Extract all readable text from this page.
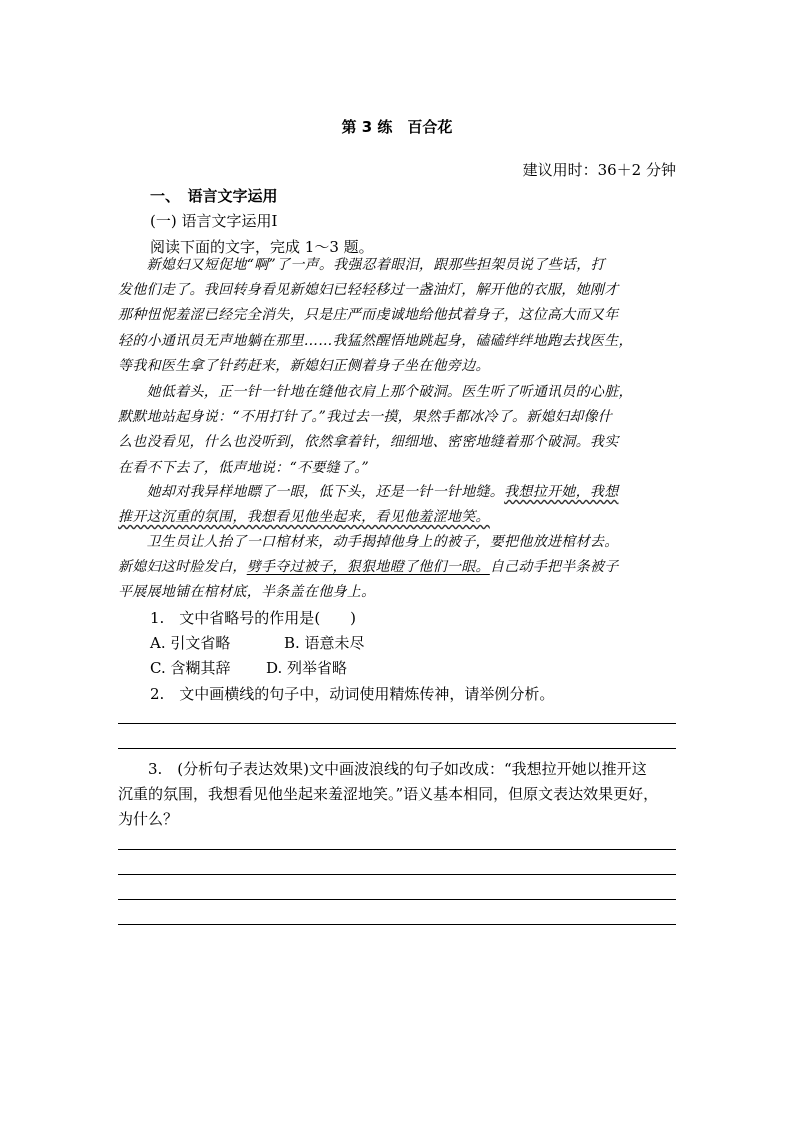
第 3 练　百合花
建议用时：36＋2 分钟
一、　语言文字运用
(一) 语言文字运用Ⅰ
阅读下面的文字，完成 1～3 题。
　　新媳妇又短促地“啊”了一声。我强忍着眼泪，跟那些担架员说了些话，打
发他们走了。我回转身看见新媳妇已轻轻移过一盏油灯，解开他的衣服，她刚才
那种忸怩羞涩已经完全消失，只是庄严而虔诚地给他拭着身子，这位高大而又年
轻的小通讯员无声地躺在那里……我猛然醒悟地跳起身，磕磕绊绊地跑去找医生，
等我和医生拿了针药赶来，新媳妇正侧着身子坐在他旁边。
　　她低着头，正一针一针地在缝他衣肩上那个破洞。医生听了听通讯员的心脏，
默默地站起身说：“不用打针了。”我过去一摸，果然手都冰冷了。新媳妇却像什
么也没看见，什么也没听到，依然拿着针，细细地、密密地缝着那个破洞。我实
在看不下去了，低声地说：“不要缝了。”
　　她却对我异样地瞟了一眼，低下头，还是一针一针地缝。我想拉开她，我想
推开这沉重的氛围，我想看见他坐起来，看见他羞涩地笑。
　　卫生员让人抬了一口棺材来，动手揭掉他身上的被子，要把他放进棺材去。
新媳妇这时脸发白，劈手夺过被子，狠狠地瞪了他们一眼。自己动手把半条被子
平展展地铺在棺材底，半条盖在他身上。
1.　文中省略号的作用是(　　)
A. 引文省略	B. 语意未尽
C. 含糊其辞 D. 列举省略
2.　文中画横线的句子中，动词使用精炼传神，请举例分析。
　　3.　(分析句子表达效果)文中画波浪线的句子如改成：“我想拉开她以推开这
沉重的氛围，我想看见他坐起来羞涩地笑。”语义基本相同，但原文表达效果更好，
为什么？
